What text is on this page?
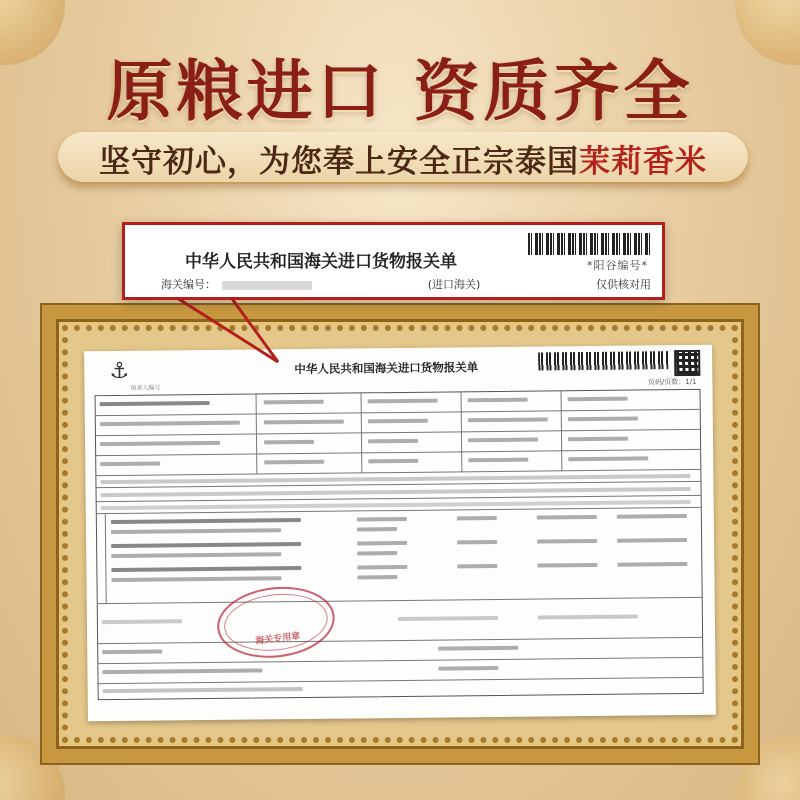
原粮进口 资质齐全
坚守初心，为您奉上安全正宗泰国 茉莉香米
中华人民共和国海关进口货物报关单	*阳谷编号*
海关编号：	(进口海关)	仅供核对用
⚓
预录入编号
中华人民共和国海关进口货物报关单
页码/页数：1/1
海关专用章
